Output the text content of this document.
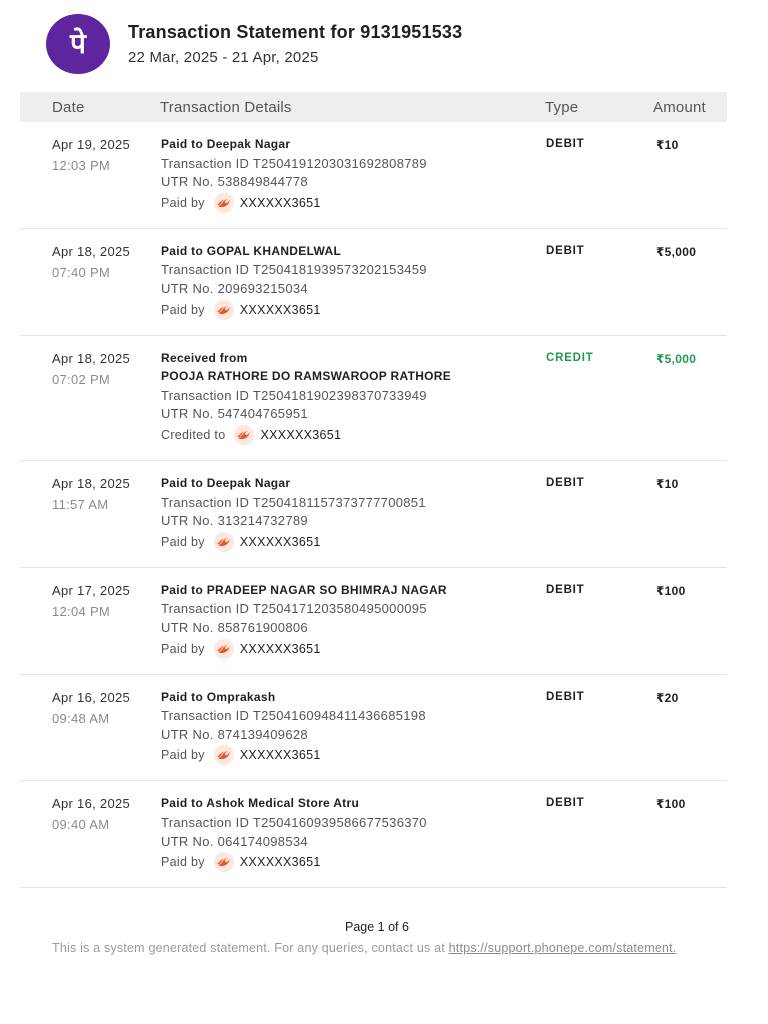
पे Transaction Statement for 9131951533
22 Mar, 2025 - 21 Apr, 2025
Date	Transaction Details	Type	Amount
Apr 19, 2025
12:03 PM
Paid to Deepak Nagar
Transaction ID T2504191203031692808789
UTR No. 538849844778
Paid by	XXXXXX3651
DEBIT	₹10
Apr 18, 2025
07:40 PM
Paid to GOPAL KHANDELWAL
Transaction ID T2504181939573202153459
UTR No. 209693215034
Paid by	XXXXXX3651
DEBIT	₹5,000
Apr 18, 2025
07:02 PM
Received from
POOJA RATHORE DO RAMSWAROOP RATHORE
Transaction ID T2504181902398370733949
UTR No. 547404765951
Credited to	XXXXXX3651
CREDIT	₹5,000
Apr 18, 2025
11:57 AM
Paid to Deepak Nagar
Transaction ID T2504181157373777700851
UTR No. 313214732789
Paid by	XXXXXX3651
DEBIT	₹10
Apr 17, 2025
12:04 PM
Paid to PRADEEP NAGAR SO BHIMRAJ NAGAR
Transaction ID T2504171203580495000095
UTR No. 858761900806
Paid by	XXXXXX3651
DEBIT	₹100
Apr 16, 2025
09:48 AM
Paid to Omprakash
Transaction ID T2504160948411436685198
UTR No. 874139409628
Paid by	XXXXXX3651
DEBIT	₹20
Apr 16, 2025
09:40 AM
Paid to Ashok Medical Store Atru
Transaction ID T2504160939586677536370
UTR No. 064174098534
Paid by	XXXXXX3651
DEBIT	₹100
Page 1 of 6
This is a system generated statement. For any queries, contact us at https://support.phonepe.com/statement.
